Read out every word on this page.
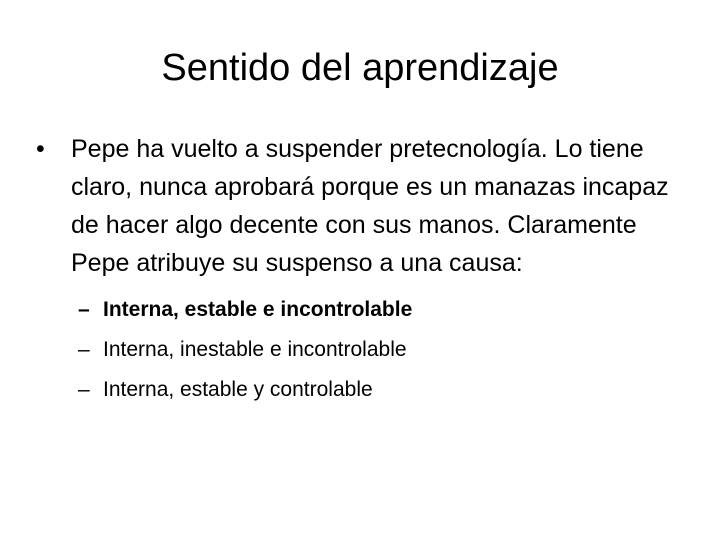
Sentido del aprendizaje
•	Pepe ha vuelto a suspender pretecnología. Lo tiene claro, nunca aprobará porque es un manazas incapaz de hacer algo decente con sus manos. Claramente Pepe atribuye su suspenso a una causa:
– Interna, estable e incontrolable
– Interna, inestable e incontrolable
– Interna, estable y controlable
